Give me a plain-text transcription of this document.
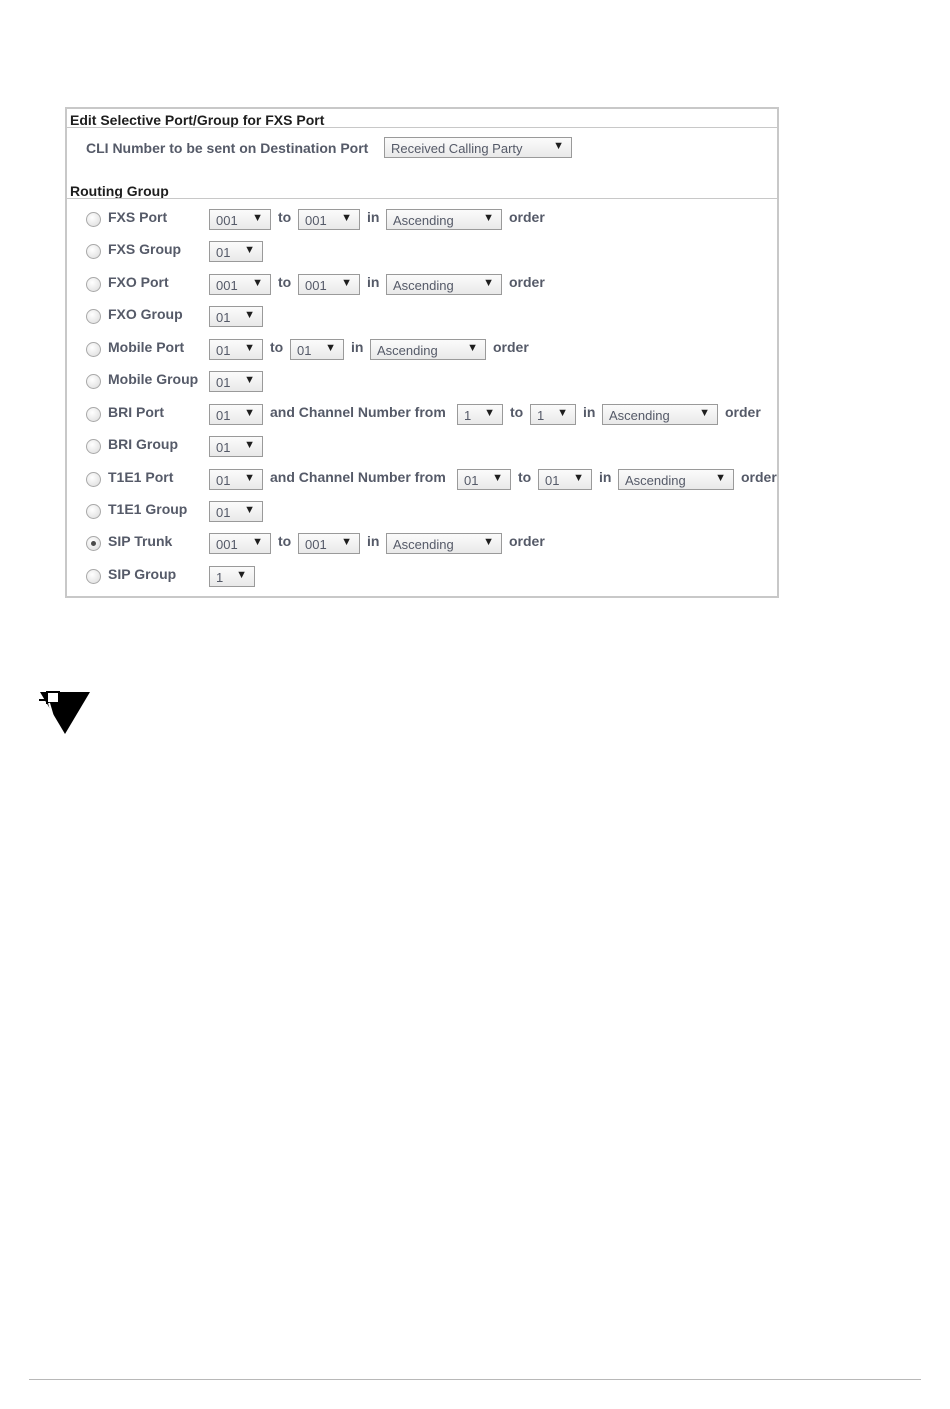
Edit Selective Port/Group for FXS Port
CLI Number to be sent on Destination Port Received Calling Party	▼
Routing Group
FXS Port	001 ▼ to 001 ▼ in Ascending	▼ order
FXS Group	01 ▼
FXO Port	001 ▼ to 001 ▼ in Ascending	▼ order
FXO Group	01 ▼
Mobile Port 01 ▼ to 01 ▼ in Ascending	▼ order
Mobile Group 01 ▼
BRI Port	01 ▼ and Channel Number from 1 ▼ to 1 ▼ in Ascending	▼ order
BRI Group	01 ▼
T1E1 Port	01 ▼ and Channel Number from 01 ▼ to 01 ▼ in Ascending	▼ order
T1E1 Group 01 ▼
SIP Trunk	001 ▼ to 001 ▼ in Ascending	▼ order
SIP Group	1 ▼
